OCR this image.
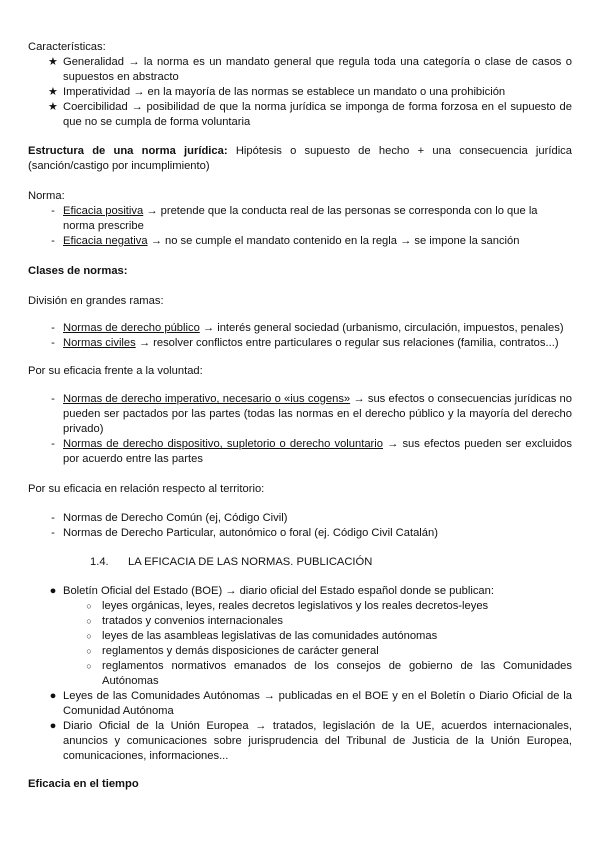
Características:

★ Generalidad → la norma es un mandato general que regula toda una categoría o clase de casos o supuestos en abstracto
★ Imperatividad → en la mayoría de las normas se establece un mandato o una prohibición
★ Coercibilidad → posibilidad de que la norma jurídica se imponga de forma forzosa en el supuesto de que no se cumpla de forma voluntaria
Estructura de una norma jurídica: Hipótesis o supuesto de hecho + una consecuencia jurídica (sanción/castigo por incumplimiento)

Norma:

- Eficacia positiva → pretende que la conducta real de las personas se corresponda con lo que la norma prescribe
- Eficacia negativa → no se cumple el mandato contenido en la regla → se impone la sanción

Clases de normas:

División en grandes ramas:

- Normas de derecho público → interés general sociedad (urbanismo, circulación, impuestos, penales)
- Normas civiles → resolver conflictos entre particulares o regular sus relaciones (familia, contratos...)

Por su eficacia frente a la voluntad:

- Normas de derecho imperativo, necesario o «ius cogens» → sus efectos o consecuencias jurídicas no pueden ser pactados por las partes (todas las normas en el derecho público y la mayoría del derecho privado)
- Normas de derecho dispositivo, supletorio o derecho voluntario → sus efectos pueden ser excluidos por acuerdo entre las partes

Por su eficacia en relación respecto al territorio:

- Normas de Derecho Común (ej, Código Civil)
- Normas de Derecho Particular, autonómico o foral (ej. Código Civil Catalán)
1.4. LA EFICACIA DE LAS NORMAS. PUBLICACIÓN
● Boletín Oficial del Estado (BOE) → diario oficial del Estado español donde se publican:
○ leyes orgánicas, leyes, reales decretos legislativos y los reales decretos-leyes
○ tratados y convenios internacionales
○ leyes de las asambleas legislativas de las comunidades autónomas
○ reglamentos y demás disposiciones de carácter general
○ reglamentos normativos emanados de los consejos de gobierno de las Comunidades Autónomas
● Leyes de las Comunidades Autónomas → publicadas en el BOE y en el Boletín o Diario Oficial de la Comunidad Autónoma
● Diario Oficial de la Unión Europea → tratados, legislación de la UE, acuerdos internacionales, anuncios y comunicaciones sobre jurisprudencia del Tribunal de Justicia de la Unión Europea, comunicaciones, informaciones...

Eficacia en el tiempo
